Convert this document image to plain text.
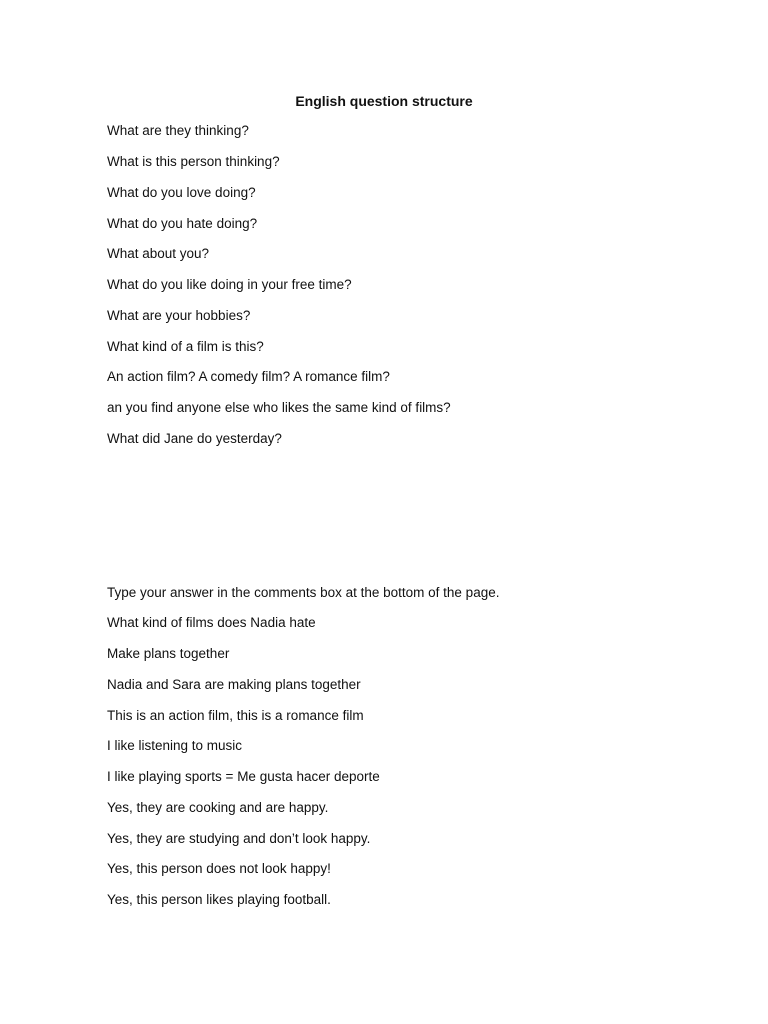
English question structure
What are they thinking?
What is this person thinking?
What do you love doing?
What do you hate doing?
What about you?
What do you like doing in your free time?
What are your hobbies?
What kind of a film is this?
An action film? A comedy film? A romance film?
an you find anyone else who likes the same kind of films?
What did Jane do yesterday?
Type your answer in the comments box at the bottom of the page.
What kind of films does Nadia hate
Make plans together
Nadia and Sara are making plans together
This is an action film, this is a romance film
I like listening to music
I like playing sports = Me gusta hacer deporte
Yes, they are cooking and are happy.
Yes, they are studying and don’t look happy.
Yes, this person does not look happy!
Yes, this person likes playing football.
